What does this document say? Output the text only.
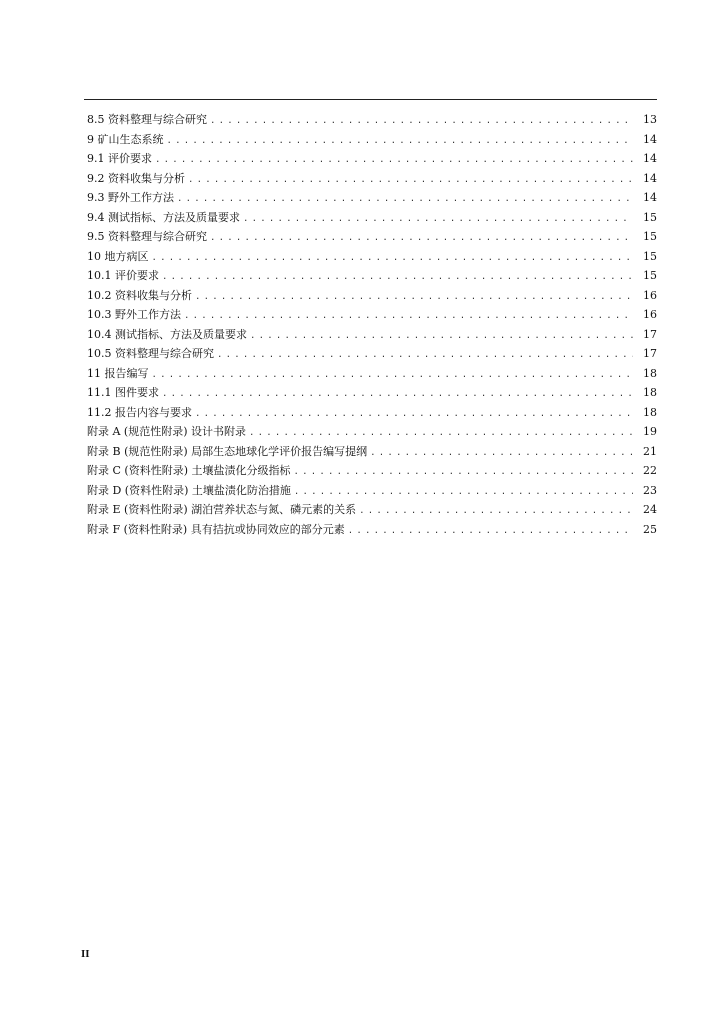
8.5 资料整理与综合研究 .....	13
9 矿山生态系统 .....	14
9.1 评价要求 .....	14
9.2 资料收集与分析 .....	14
9.3 野外工作方法 .....	14
9.4 测试指标、方法及质量要求 .....	15
9.5 资料整理与综合研究 .....	15
10 地方病区 .....	15
10.1 评价要求 .....	15
10.2 资料收集与分析 .....	16
10.3 野外工作方法 .....	16
10.4 测试指标、方法及质量要求 .....	17
10.5 资料整理与综合研究 .....	17
11 报告编写 .....	18
11.1 图件要求 .....	18
11.2 报告内容与要求 .....	18
附录 A (规范性附录) 设计书附录 .....	19
附录 B (规范性附录) 局部生态地球化学评价报告编写提纲 .....	21
附录 C (资料性附录) 土壤盐渍化分级指标 .....	22
附录 D (资料性附录) 土壤盐渍化防治措施 .....	23
附录 E (资料性附录) 湖泊营养状态与氮、磷元素的关系 .....	24
附录 F (资料性附录) 具有拮抗或协同效应的部分元素 .....	25
II
